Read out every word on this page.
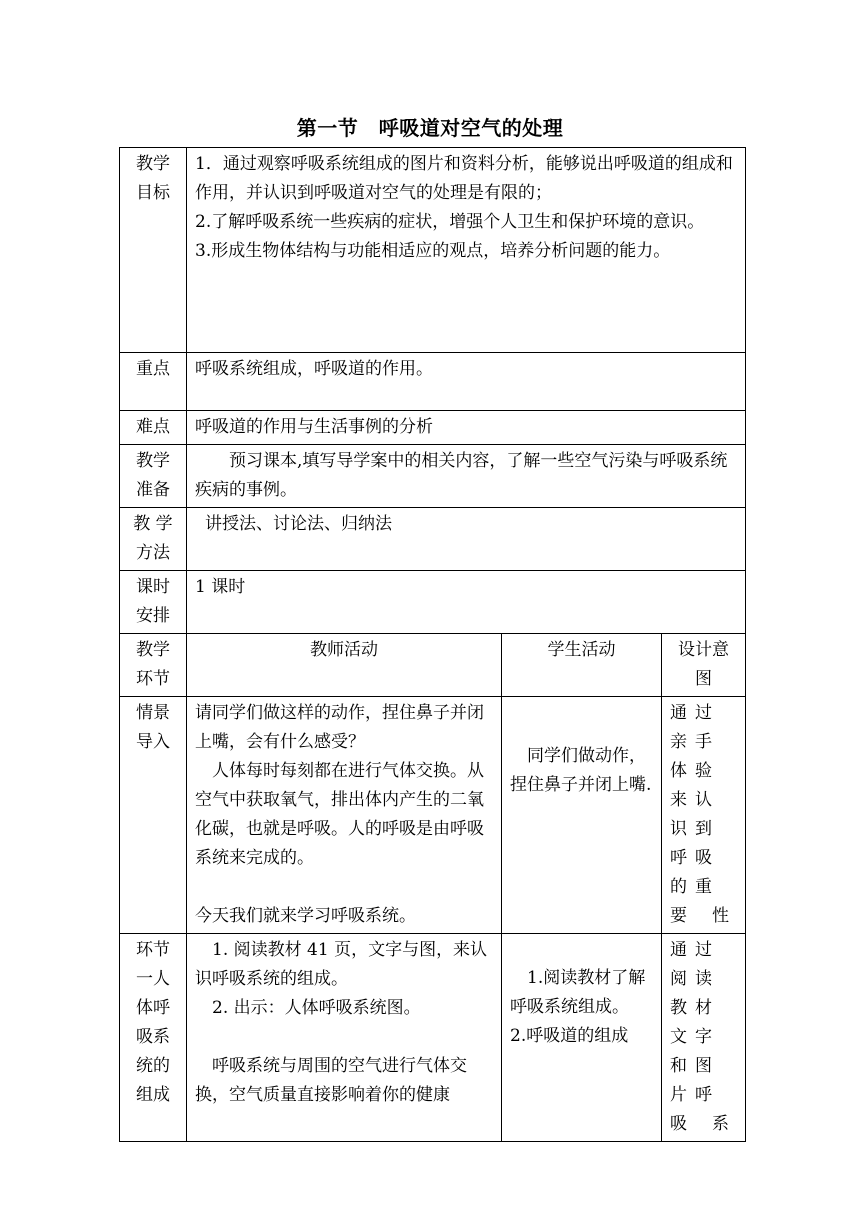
第一节　呼吸道对空气的处理
教学目标	1．通过观察呼吸系统组成的图片和资料分析，能够说出呼吸道的组成和作用，并认识到呼吸道对空气的处理是有限的；
2.了解呼吸系统一些疾病的症状，增强个人卫生和保护环境的意识。
3.形成生物体结构与功能相适应的观点，培养分析问题的能力。		

重点	呼吸系统组成，呼吸道的作用。		
难点	呼吸道的作用与生活事例的分析		
教学准备	预习课本,填写导学案中的相关内容，了解一些空气污染与呼吸系统疾病的事例。		
教 学方法	讲授法、讨论法、归纳法		
课时安排	1 课时		
教学环节	教师活动	学生活动	设计意图
情景导入	请同学们做这样的动作，捏住鼻子并闭上嘴，会有什么感受？
人体每时每刻都在进行气体交换。从空气中获取氧气，排出体内产生的二氧化碳，也就是呼吸。人的呼吸是由呼吸系统来完成的。
今天我们就来学习呼吸系统。	同学们做动作，捏住鼻子并闭上嘴.	通过亲手体验来认识到呼吸的重要性

环节一人体呼吸系统的组成	1. 阅读教材 41 页，文字与图，来认识呼吸系统的组成。
2. 出示：人体呼吸系统图。
呼吸系统与周围的空气进行气体交换，空气质量直接影响着你的健康	1.阅读教材了解呼吸系统组成。
2.呼吸道的组成	通过阅读教材文字和图片呼吸系
